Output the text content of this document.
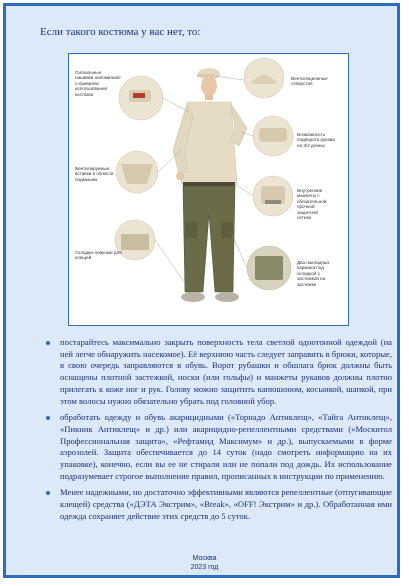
Если такого костюма у вас нет, то:
Сигнальные
нашивки напоминают
о правилах
использования
костюма
Вентиляционные
отверстия
Возможность
подворота рукава
на 3/4 длины
Вентилируемые
вставки в области
подмышек
Внутренние
манжеты с
обязательной
прочной
защитной
сеткой
Складки-ловушки для
клещей
Два накладных
кармана под
складкой с
застежкой на
застежке
постарайтесь максимально закрыть поверхность тела светлой однотонной одеждой (на ней легче обнаружить насекомое). Её верхнюю часть следует заправить в брюки, которые, в свою очередь заправляются в обувь. Ворот рубашки и обшлага брюк должны быть оснащены плотной застежкой, носки (или гольфы) и манжеты рукавов должны плотно прилегать к коже ног и рук. Голову можно защитить капюшоном, косынкой, шапкой, при этом волосы нужно обязательно убрать под головной убор.
обработать одежду и обувь акарицидными («Торнадо Антиклещ», «Тайга Антиклещ», «Пикник Антиклещ» и др.) или акарицидно-репеллентными средствами («Москитол Профессиональная защита», «Рефтамид Максимум» и др.), выпускаемыми в форме аэрозолей. Защита обеспечивается до 14 суток (надо смотреть информацию на их упаковке), конечно, если вы ее не стирали или не попали под дождь. Их использование подразумевает строгое выполнение правил, прописанных в инструкции по применению.
Менее надежными, но достаточно эффективными являются репеллентные (отпугивающие клещей) средства («ДЭТА Экстрим», «Break», «OFF! Экстрим» и др.). Обработанная ими одежда сохраняет действие этих средств до 5 суток.
Москва
2023 год
